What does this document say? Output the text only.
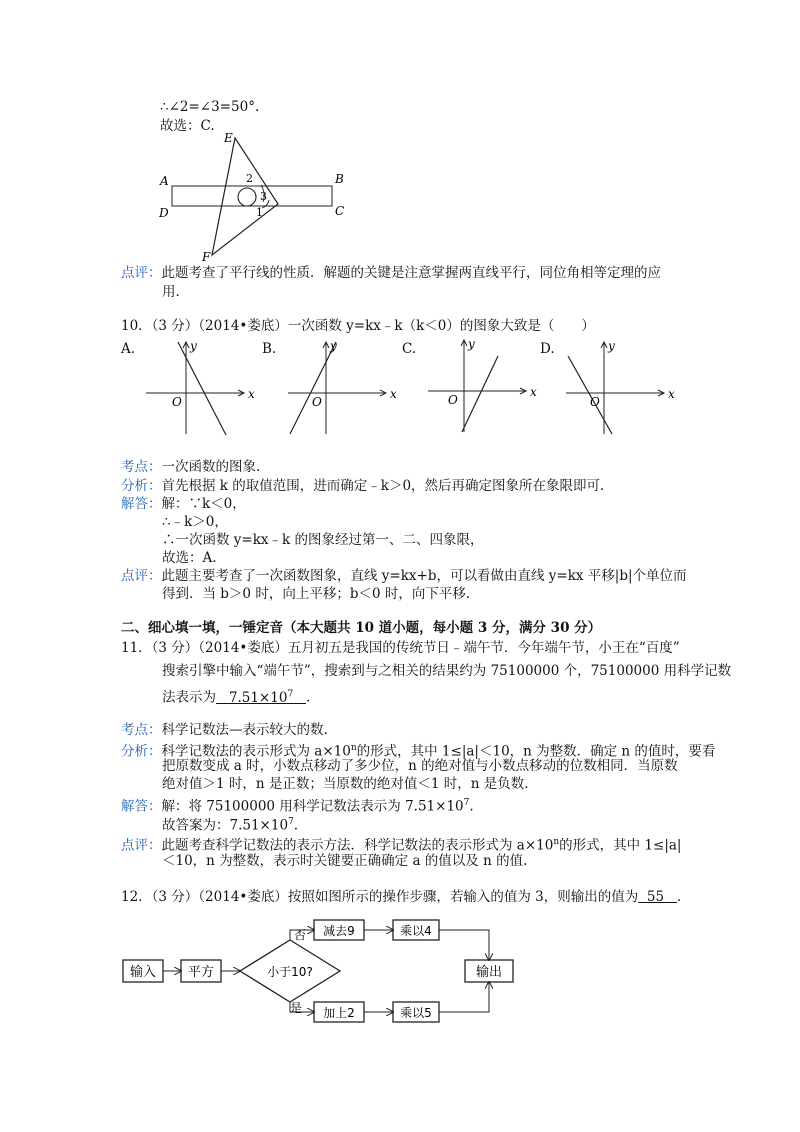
∴∠2=∠3=50°.
故选：C.
A	B
C
D
E
F
2
3
1
点评：此题考查了平行线的性质．解题的关键是注意掌握两直线平行，同位角相等定理的应
用.
10．（3 分）（2014•娄底）一次函数 y=kx﹣k（k＜0）的图象大致是（　　）
A.	y
x
O
B.	y
x
O
C.	y
x
O
D.	y
x
O
考点：一次函数的图象.
分析：首先根据 k 的取值范围，进而确定﹣k＞0，然后再确定图象所在象限即可.
解答：解：∵k＜0，
∴﹣k＞0，
∴一次函数 y=kx﹣k 的图象经过第一、二、四象限，
故选：A.
点评：此题主要考查了一次函数图象，直线 y=kx+b，可以看做由直线 y=kx 平移|b|个单位而
得到．当 b＞0 时，向上平移；b＜0 时，向下平移.
二、细心填一填，一锤定音（本大题共 10 道小题，每小题 3 分，满分 30 分）
11．（3 分）（2014•娄底）五月初五是我国的传统节日﹣端午节．今年端午节，小王在“百度”
搜索引擎中输入“端午节”，搜索到与之相关的结果约为 75100000 个，75100000 用科学记数
法表示为 $7.51\times 10^7$ .
考点：科学记数法—表示较大的数.
分析：科学记数法的表示形式为 $a\times 10^n$的形式，其中 1≤|a|＜10，n 为整数．确定 n 的值时，要看
把原数变成 a 时，小数点移动了多少位，n 的绝对值与小数点移动的位数相同．当原数
绝对值＞1 时，n 是正数；当原数的绝对值＜1 时，n 是负数.
解答：解：将 75100000 用科学记数法表示为 $7.51\times 10^7$.
故答案为：$7.51\times 10^7$.
点评：此题考查科学记数法的表示方法．科学记数法的表示形式为 $a\times 10^n$的形式，其中 1≤|a|
＜10，n 为整数，表示时关键要正确确定 a 的值以及 n 的值.
12．（3 分）（2014•娄底）按照如图所示的操作步骤，若输入的值为 3，则输出的值为 55 .
输入 平方	小于10?
减去9	乘以4
加上2	乘以5
输出
否
是
